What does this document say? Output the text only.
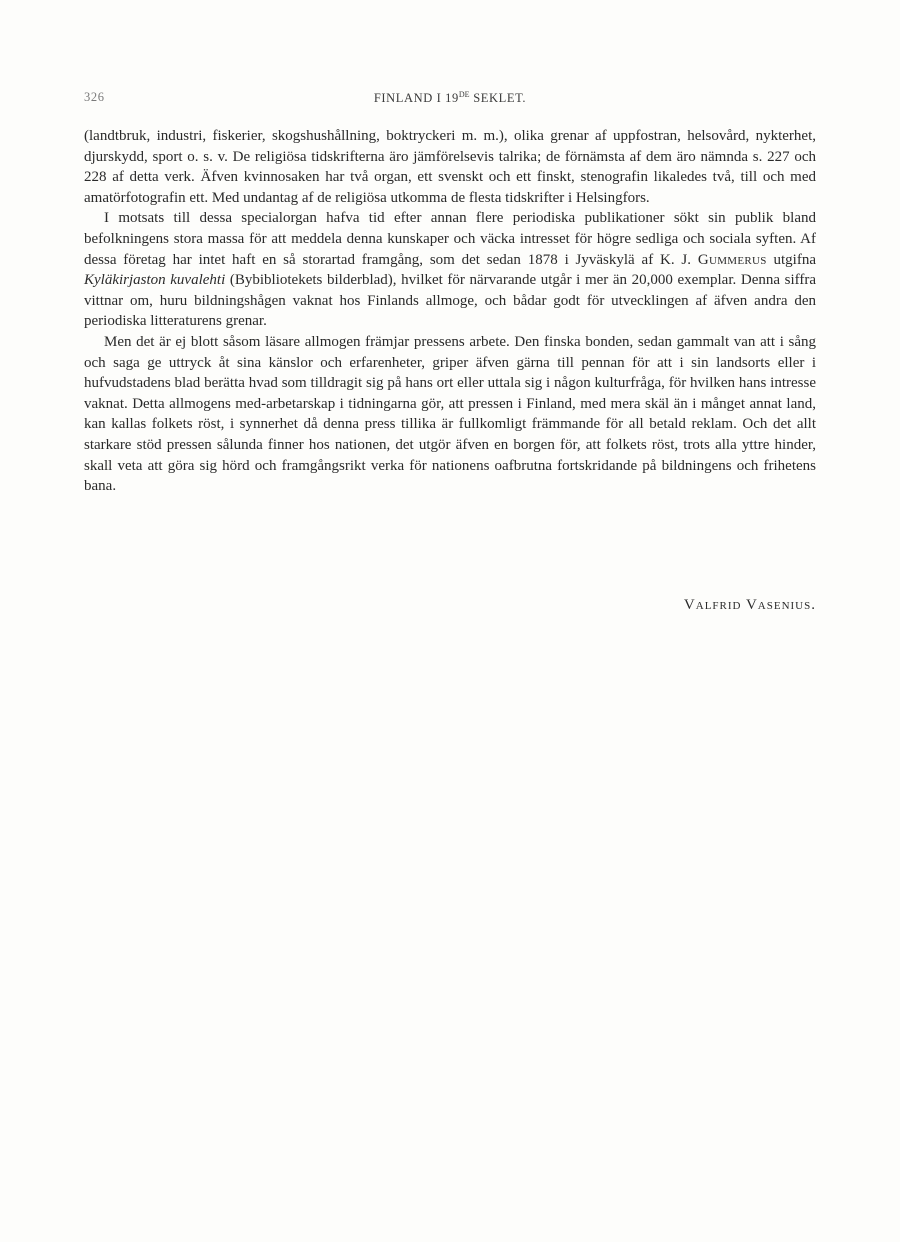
326	FINLAND I 19DE SEKLET.

(landtbruk, industri, fiskerier, skogshushållning, boktryckeri m. m.), olika grenar af uppfostran, helsovård, nykterhet, djurskydd, sport o. s. v. De religiösa tidskrifterna äro jämförelsevis talrika; de förnämsta af dem äro nämnda s. 227 och 228 af detta verk. Äfven kvinnosaken har två organ, ett svenskt och ett finskt, stenografin likaledes två, till och med amatörfotografin ett. Med undantag af de religiösa utkomma de flesta tidskrifter i Helsingfors.

I motsats till dessa specialorgan hafva tid efter annan flere periodiska publikationer sökt sin publik bland befolkningens stora massa för att meddela denna kunskaper och väcka intresset för högre sedliga och sociala syften. Af dessa företag har intet haft en så storartad framgång, som det sedan 1878 i Jyväskylä af K. J. Gummerus utgifna Kyläkirjaston kuvalehti (Bybibliotekets bilderblad), hvilket för närvarande utgår i mer än 20,000 exemplar. Denna siffra vittnar om, huru bildningshågen vaknat hos Finlands allmoge, och bådar godt för utvecklingen af äfven andra den periodiska litteraturens grenar.

Men det är ej blott såsom läsare allmogen främjar pressens arbete. Den finska bonden, sedan gammalt van att i sång och saga ge uttryck åt sina känslor och erfarenheter, griper äfven gärna till pennan för att i sin landsorts eller i hufvudstadens blad berätta hvad som tilldragit sig på hans ort eller uttala sig i någon kulturfråga, för hvilken hans intresse vaknat. Detta allmogens med-arbetarskap i tidningarna gör, att pressen i Finland, med mera skäl än i månget annat land, kan kallas folkets röst, i synnerhet då denna press tillika är fullkomligt främmande för all betald reklam. Och det allt starkare stöd pressen sålunda finner hos nationen, det utgör äfven en borgen för, att folkets röst, trots alla yttre hinder, skall veta att göra sig hörd och framgångsrikt verka för nationens oafbrutna fortskridande på bildningens och frihetens bana.

Valfrid Vasenius.
